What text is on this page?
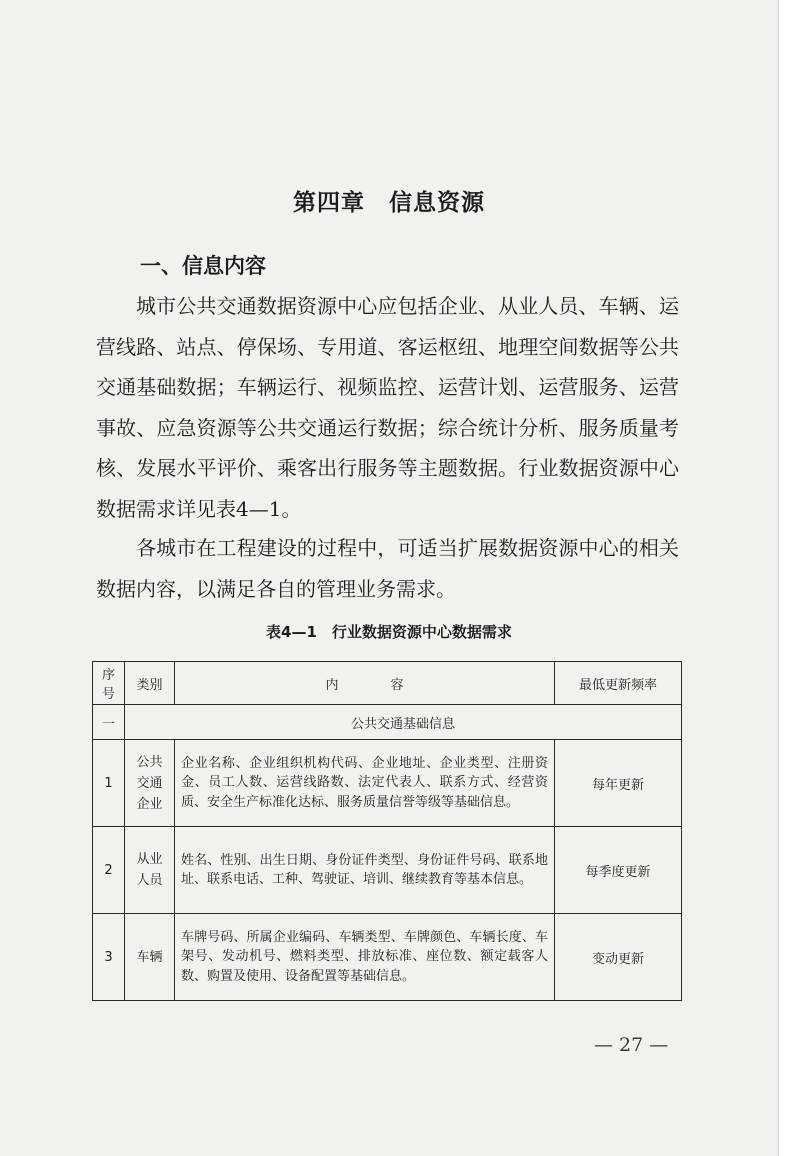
第四章　信息资源
一、信息内容

城市公共交通数据资源中心应包括企业、从业人员、车辆、运营线路、站点、停保场、专用道、客运枢纽、地理空间数据等公共交通基础数据；车辆运行、视频监控、运营计划、运营服务、运营事故、应急资源等公共交通运行数据；综合统计分析、服务质量考核、发展水平评价、乘客出行服务等主题数据。行业数据资源中心数据需求详见表4—1。

各城市在工程建设的过程中，可适当扩展数据资源中心的相关数据内容，以满足各自的管理业务需求。

表4—1　行业数据资源中心数据需求
序号	类别	内　　　　容	最低更新频率
一	公共交通基础信息		
1	公共交通企业	企业名称、企业组织机构代码、企业地址、企业类型、注册资金、员工人数、运营线路数、法定代表人、联系方式、经营资质、安全生产标准化达标、服务质量信誉等级等基础信息。	每年更新
2	从业人员	姓名、性别、出生日期、身份证件类型、身份证件号码、联系地址、联系电话、工种、驾驶证、培训、继续教育等基本信息。	每季度更新
3	车辆	车牌号码、所属企业编码、车辆类型、车牌颜色、车辆长度、车架号、发动机号、燃料类型、排放标准、座位数、额定载客人数、购置及使用、设备配置等基础信息。	变动更新
— 27 —
